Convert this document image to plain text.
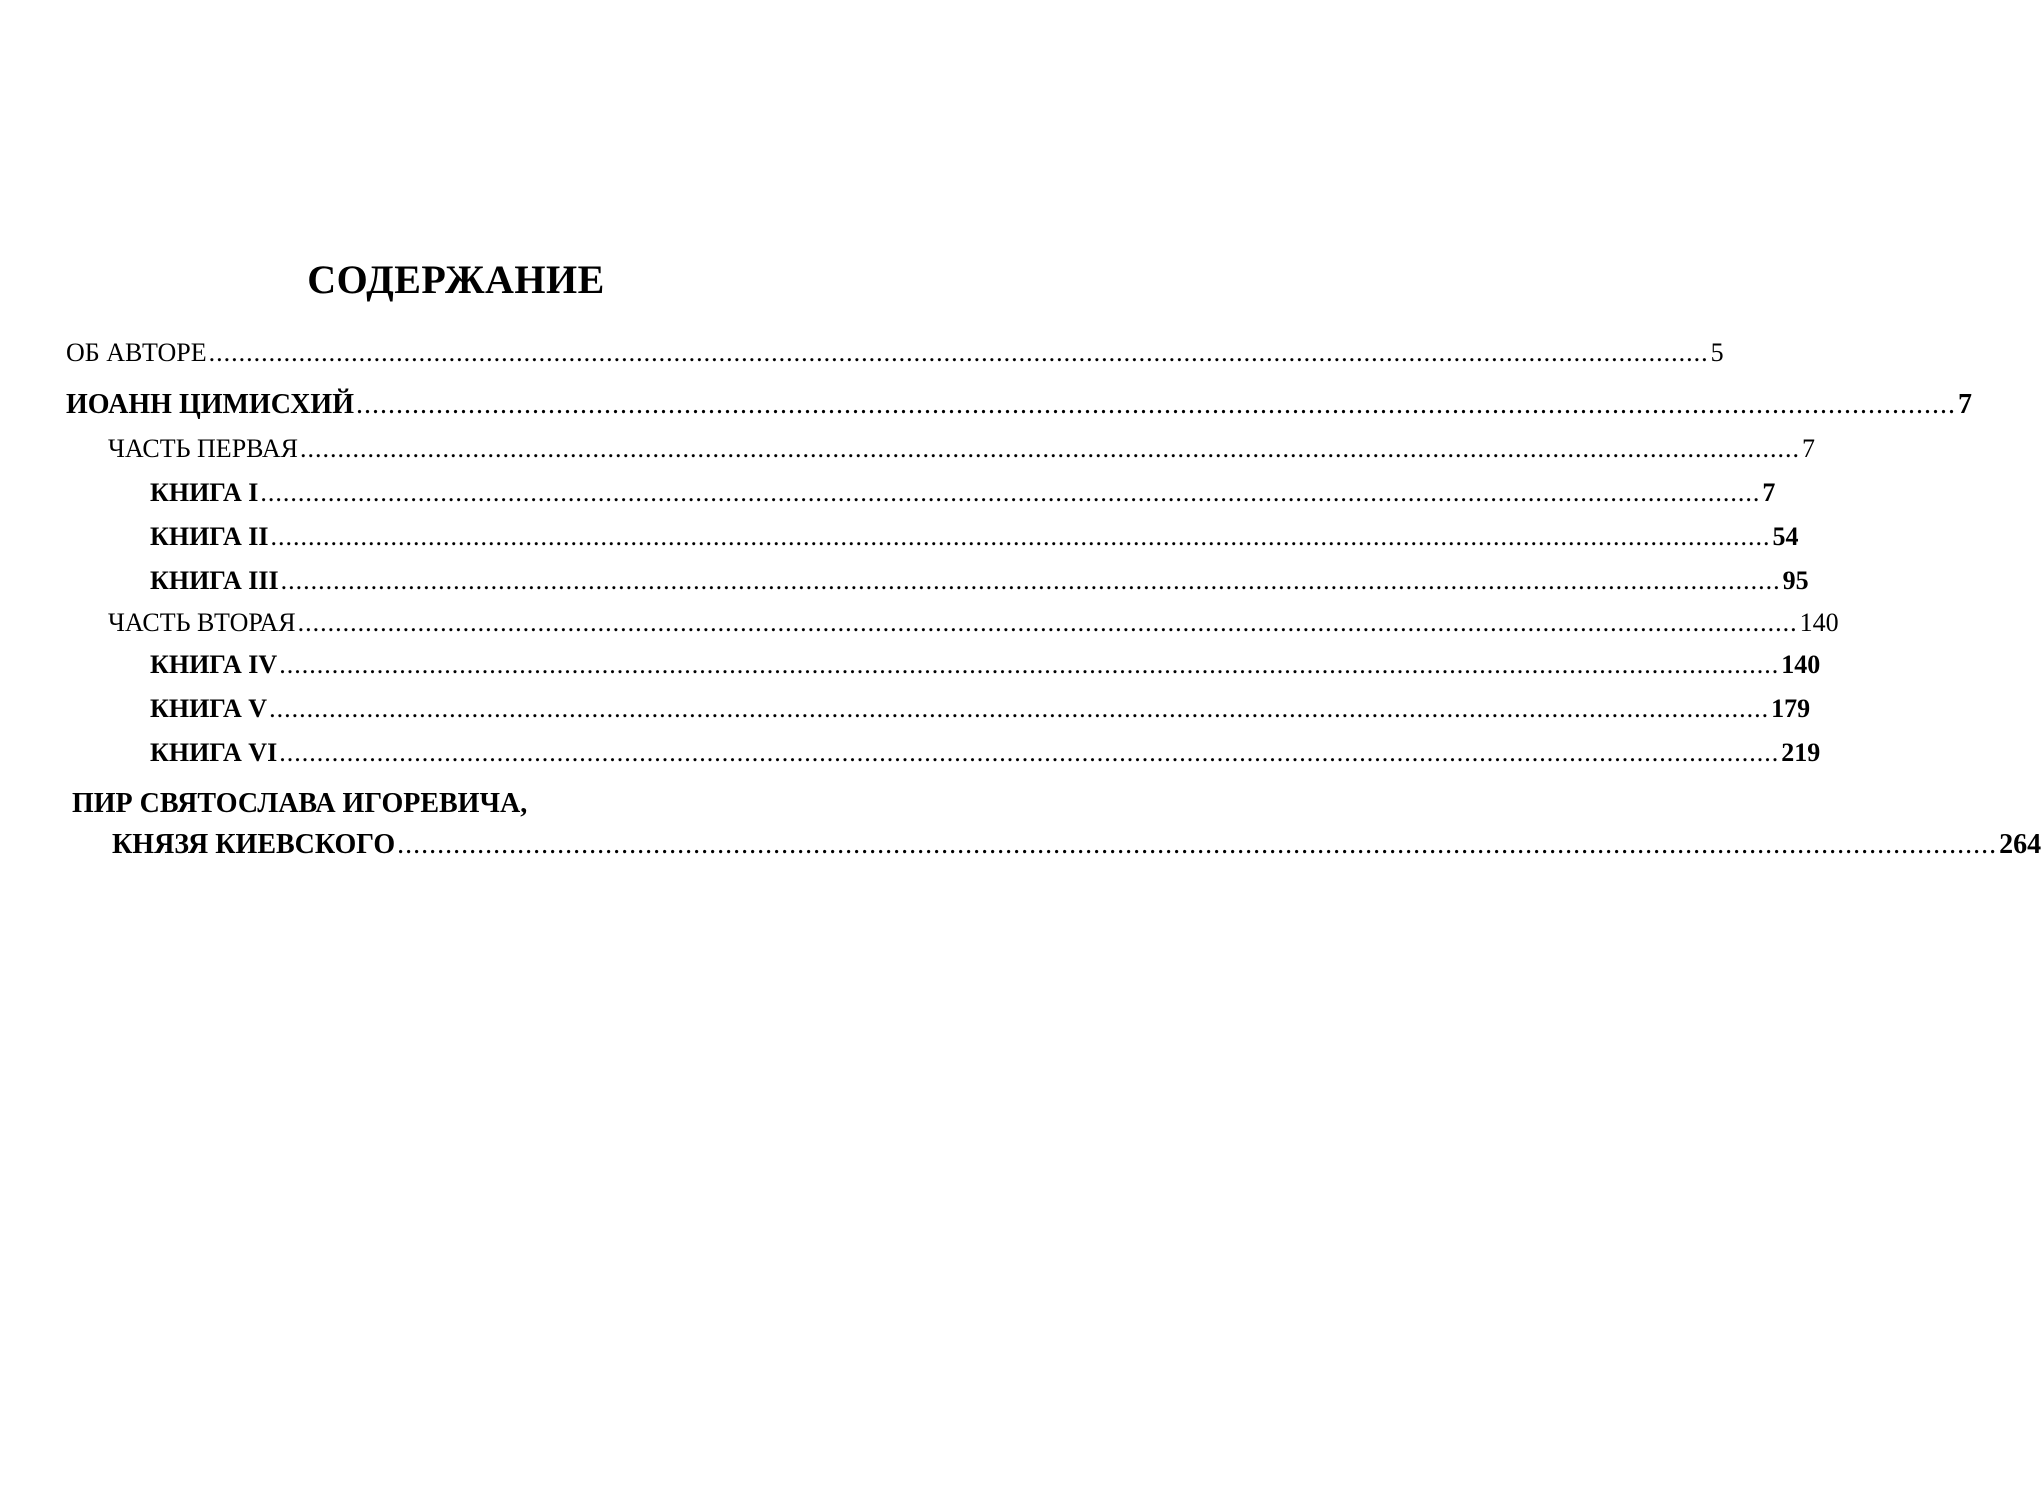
СОДЕРЖАНИЕ
ОБ АВТОРЕ ........................................................................................................................................................................................................ 5
ИОАНН ЦИМИСХИЙ ........................................................................................................................................................................................................ 7
ЧАСТЬ ПЕРВАЯ ........................................................................................................................................................................................................ 7
КНИГА I ........................................................................................................................................................................................................ 7
КНИГА II ........................................................................................................................................................................................................ 54
КНИГА III ........................................................................................................................................................................................................ 95
ЧАСТЬ ВТОРАЯ ........................................................................................................................................................................................................ 140
КНИГА IV ........................................................................................................................................................................................................ 140
КНИГА V ........................................................................................................................................................................................................ 179
КНИГА VI ........................................................................................................................................................................................................ 219
ПИР СВЯТОСЛАВА ИГОРЕВИЧА,
КНЯЗЯ КИЕВСКОГО ........................................................................................................................................................................................................ 264
